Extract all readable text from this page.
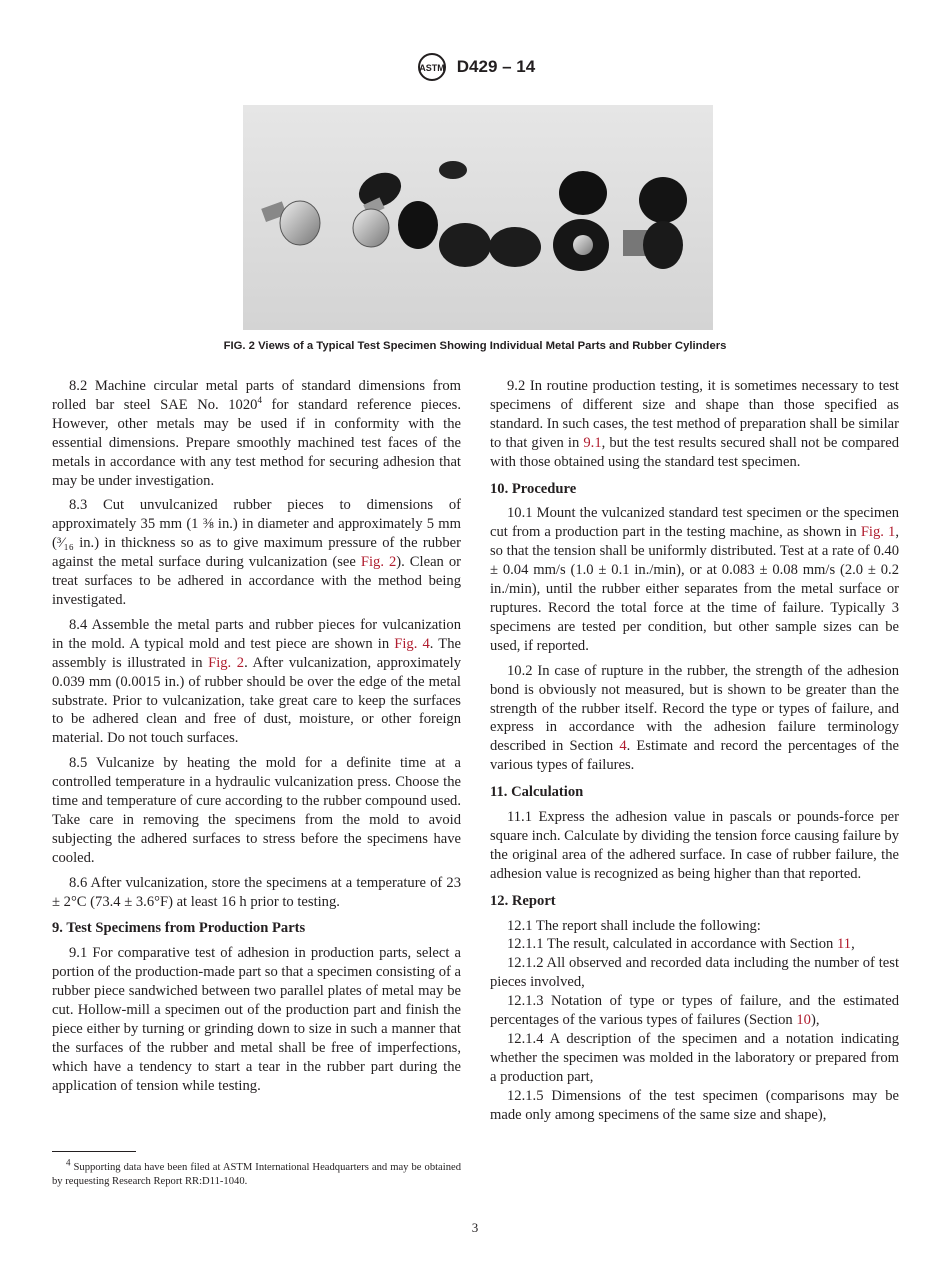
ASTM D429 – 14
FIG. 2 Views of a Typical Test Specimen Showing Individual Metal Parts and Rubber Cylinders

8.2 Machine circular metal parts of standard dimensions from rolled bar steel SAE No. 1020$^4$ for standard reference pieces. However, other metals may be used if in conformity with the essential dimensions. Prepare smoothly machined test faces of the metals in accordance with any test method for securing adhesion that may be under investigation.

8.3 Cut unvulcanized rubber pieces to dimensions of approximately 35 mm (1 ⅜ in.) in diameter and approximately 5 mm (³⁄₁₆ in.) in thickness so as to give maximum pressure of the rubber against the metal surface during vulcanization (see Fig. 2). Clean or treat surfaces to be adhered in accordance with the method being investigated.

8.4 Assemble the metal parts and rubber pieces for vulcanization in the mold. A typical mold and test piece are shown in Fig. 4. The assembly is illustrated in Fig. 2. After vulcanization, approximately 0.039 mm (0.0015 in.) of rubber should be over the edge of the metal substrate. Prior to vulcanization, take great care to keep the surfaces to be adhered clean and free of dust, moisture, or other foreign material. Do not touch surfaces.

8.5 Vulcanize by heating the mold for a definite time at a controlled temperature in a hydraulic vulcanization press. Choose the time and temperature of cure according to the rubber compound used. Take care in removing the specimens from the mold to avoid subjecting the adhered surfaces to stress before the specimens have cooled.

8.6 After vulcanization, store the specimens at a temperature of 23 ± 2°C (73.4 ± 3.6°F) at least 16 h prior to testing.

9. Test Specimens from Production Parts

9.1 For comparative test of adhesion in production parts, select a portion of the production-made part so that a specimen consisting of a rubber piece sandwiched between two parallel plates of metal may be cut. Hollow-mill a specimen out of the production part and finish the piece either by turning or grinding down to size in such a manner that the surfaces of the rubber and metal shall be free of imperfections, which have a tendency to start a tear in the rubber part during the application of tension while testing.

9.2 In routine production testing, it is sometimes necessary to test specimens of different size and shape than those specified as standard. In such cases, the test method of preparation shall be similar to that given in 9.1, but the test results secured shall not be compared with those obtained using the standard test specimen.

10. Procedure

10.1 Mount the vulcanized standard test specimen or the specimen cut from a production part in the testing machine, as shown in Fig. 1, so that the tension shall be uniformly distributed. Test at a rate of 0.40 ± 0.04 mm/s (1.0 ± 0.1 in./min), or at 0.083 ± 0.08 mm/s (2.0 ± 0.2 in./min), until the rubber either separates from the metal surface or ruptures. Record the total force at the time of failure. Typically 3 specimens are tested per condition, but other sample sizes can be used, if reported.

10.2 In case of rupture in the rubber, the strength of the adhesion bond is obviously not measured, but is shown to be greater than the strength of the rubber itself. Record the type or types of failure, and express in accordance with the adhesion failure terminology described in Section 4. Estimate and record the percentages of the various types of failures.

11. Calculation

11.1 Express the adhesion value in pascals or pounds-force per square inch. Calculate by dividing the tension force causing failure by the original area of the adhered surface. In case of rubber failure, the adhesion value is recognized as being higher than that reported.

12. Report

12.1 The report shall include the following:

12.1.1 The result, calculated in accordance with Section 11,

12.1.2 All observed and recorded data including the number of test pieces involved,

12.1.3 Notation of type or types of failure, and the estimated percentages of the various types of failures (Section 10),

12.1.4 A description of the specimen and a notation indicating whether the specimen was molded in the laboratory or prepared from a production part,

12.1.5 Dimensions of the test specimen (comparisons may be made only among specimens of the same size and shape),

$^4$ Supporting data have been filed at ASTM International Headquarters and may be obtained by requesting Research Report RR:D11-1040.
3
